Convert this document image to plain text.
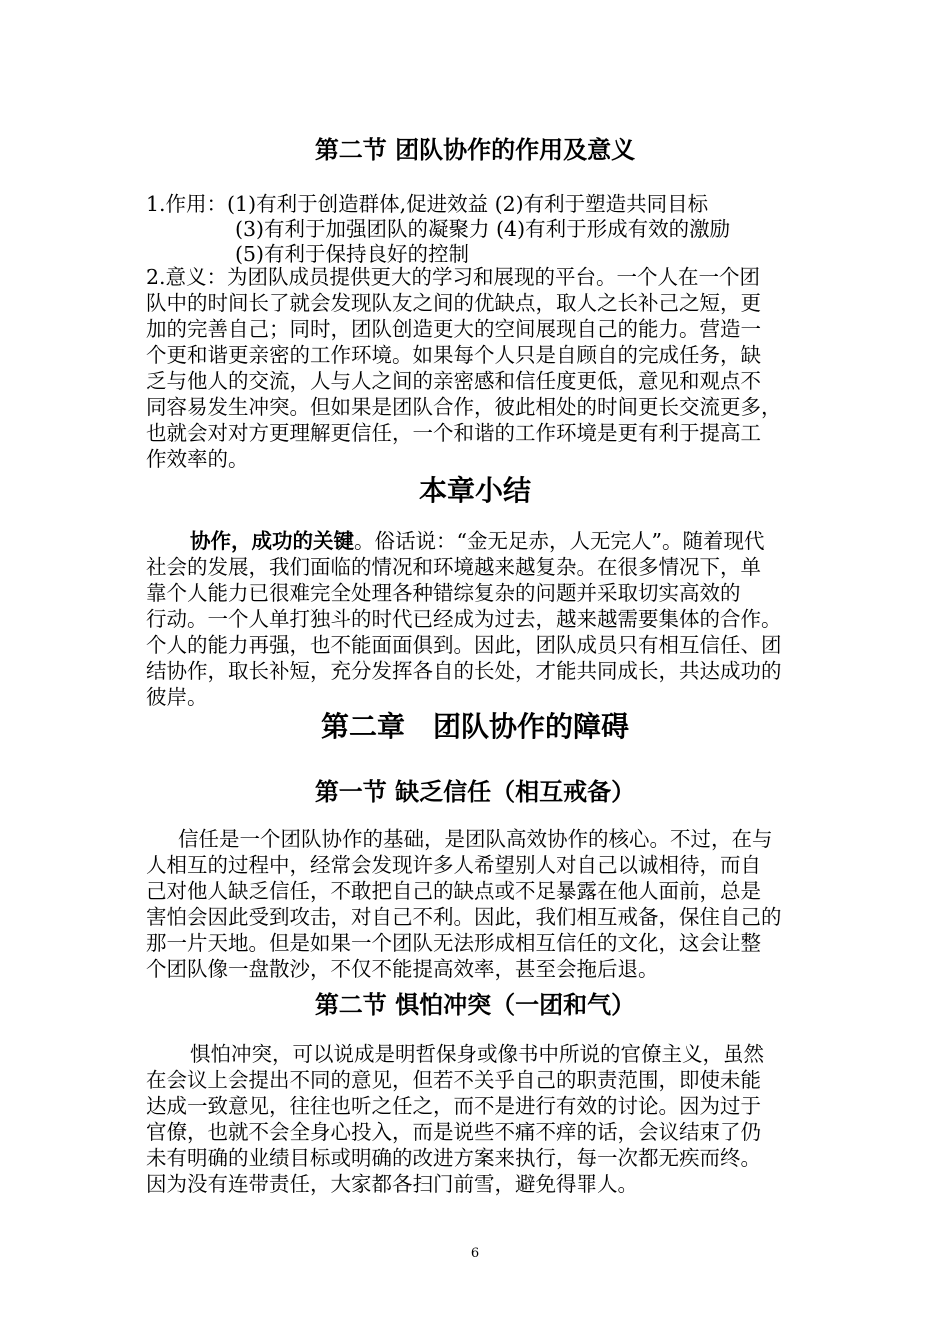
第二节 团队协作的作用及意义
1.作用：(1)有利于创造群体,促进效益 (2)有利于塑造共同目标
(3)有利于加强团队的凝聚力 (4)有利于形成有效的激励
(5)有利于保持良好的控制
2.意义：为团队成员提供更大的学习和展现的平台。一个人在一个团
队中的时间长了就会发现队友之间的优缺点，取人之长补己之短，更
加的完善自己；同时，团队创造更大的空间展现自己的能力。营造一
个更和谐更亲密的工作环境。如果每个人只是自顾自的完成任务，缺
乏与他人的交流，人与人之间的亲密感和信任度更低，意见和观点不
同容易发生冲突。但如果是团队合作，彼此相处的时间更长交流更多，
也就会对对方更理解更信任，一个和谐的工作环境是更有利于提高工
作效率的。
本章小结
协作，成功的关键。俗话说：“金无足赤，人无完人”。随着现代
社会的发展，我们面临的情况和环境越来越复杂。在很多情况下，单
靠个人能力已很难完全处理各种错综复杂的问题并采取切实高效的
行动。一个人单打独斗的时代已经成为过去，越来越需要集体的合作。
个人的能力再强，也不能面面俱到。因此，团队成员只有相互信任、团
结协作，取长补短，充分发挥各自的长处，才能共同成长，共达成功的
彼岸。
第二章　团队协作的障碍
第一节 缺乏信任（相互戒备）
信任是一个团队协作的基础，是团队高效协作的核心。不过，在与
人相互的过程中，经常会发现许多人希望别人对自己以诚相待，而自
己对他人缺乏信任，不敢把自己的缺点或不足暴露在他人面前，总是
害怕会因此受到攻击，对自己不利。因此，我们相互戒备，保住自己的
那一片天地。但是如果一个团队无法形成相互信任的文化，这会让整
个团队像一盘散沙，不仅不能提高效率，甚至会拖后退。
第二节 惧怕冲突（一团和气）
惧怕冲突，可以说成是明哲保身或像书中所说的官僚主义，虽然
在会议上会提出不同的意见，但若不关乎自己的职责范围，即使未能
达成一致意见，往往也听之任之，而不是进行有效的讨论。因为过于
官僚，也就不会全身心投入，而是说些不痛不痒的话，会议结束了仍
未有明确的业绩目标或明确的改进方案来执行，每一次都无疾而终。
因为没有连带责任，大家都各扫门前雪，避免得罪人。
6
